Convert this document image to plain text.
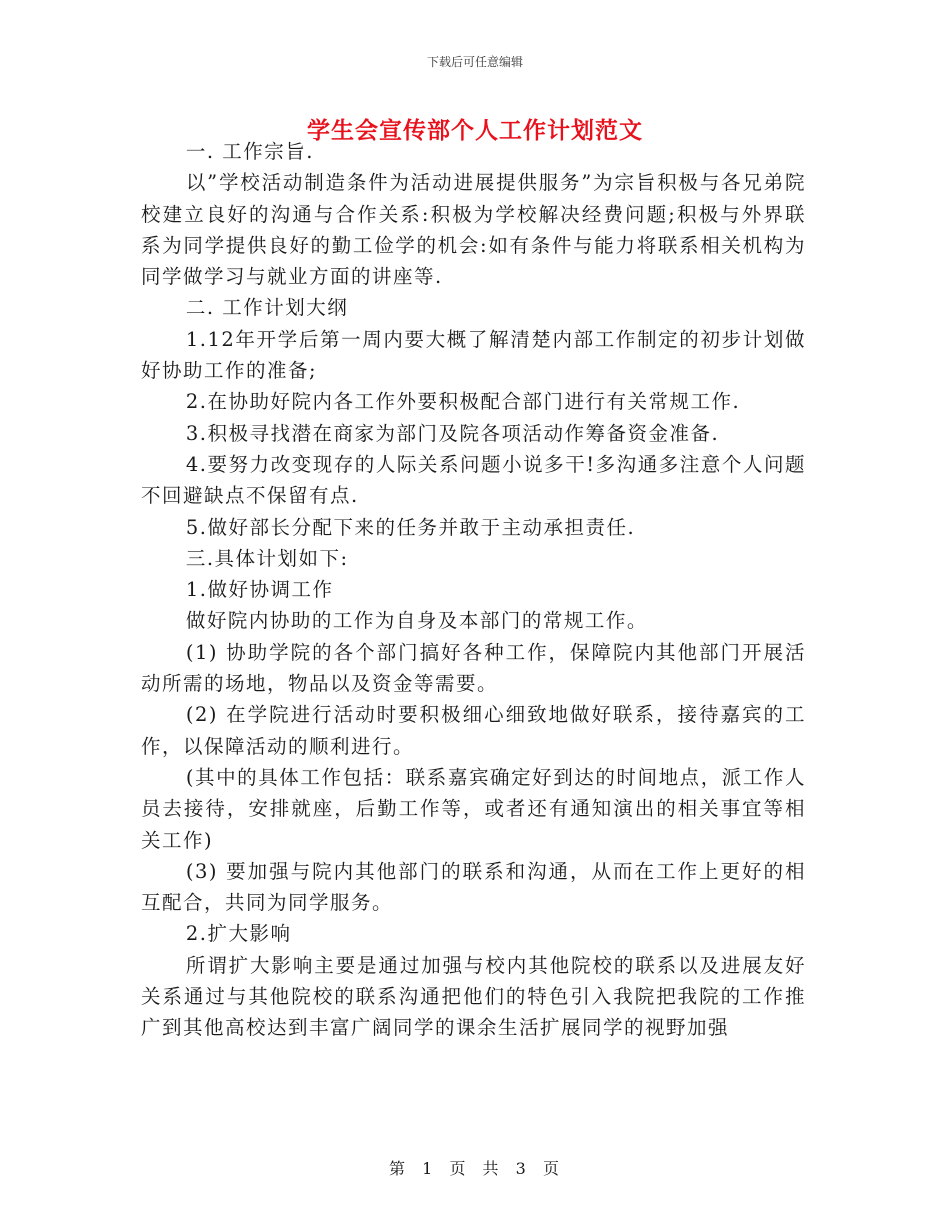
下载后可任意编辑
学生会宣传部个人工作计划范文

一. 工作宗旨.

以”学校活动制造条件为活动进展提供服务”为宗旨积极与各兄弟院校建立良好的沟通与合作关系:积极为学校解决经费问题;积极与外界联系为同学提供良好的勤工俭学的机会:如有条件与能力将联系相关机构为同学做学习与就业方面的讲座等.

二. 工作计划大纲

1.12年开学后第一周内要大概了解清楚内部工作制定的初步计划做好协助工作的准备;

2.在协助好院内各工作外要积极配合部门进行有关常规工作.

3.积极寻找潜在商家为部门及院各项活动作筹备资金准备.

4.要努力改变现存的人际关系问题小说多干!多沟通多注意个人问题不回避缺点不保留有点.

5.做好部长分配下来的任务并敢于主动承担责任.

三.具体计划如下:

1.做好协调工作

做好院内协助的工作为自身及本部门的常规工作。

(1) 协助学院的各个部门搞好各种工作，保障院内其他部门开展活动所需的场地，物品以及资金等需要。

(2) 在学院进行活动时要积极细心细致地做好联系，接待嘉宾的工作，以保障活动的顺利进行。

(其中的具体工作包括：联系嘉宾确定好到达的时间地点，派工作人员去接待，安排就座，后勤工作等，或者还有通知演出的相关事宜等相关工作)

(3) 要加强与院内其他部门的联系和沟通，从而在工作上更好的相互配合，共同为同学服务。

2.扩大影响

所谓扩大影响主要是通过加强与校内其他院校的联系以及进展友好关系通过与其他院校的联系沟通把他们的特色引入我院把我院的工作推广到其他高校达到丰富广阔同学的课余生活扩展同学的视野加强

第 1 页 共 3 页
